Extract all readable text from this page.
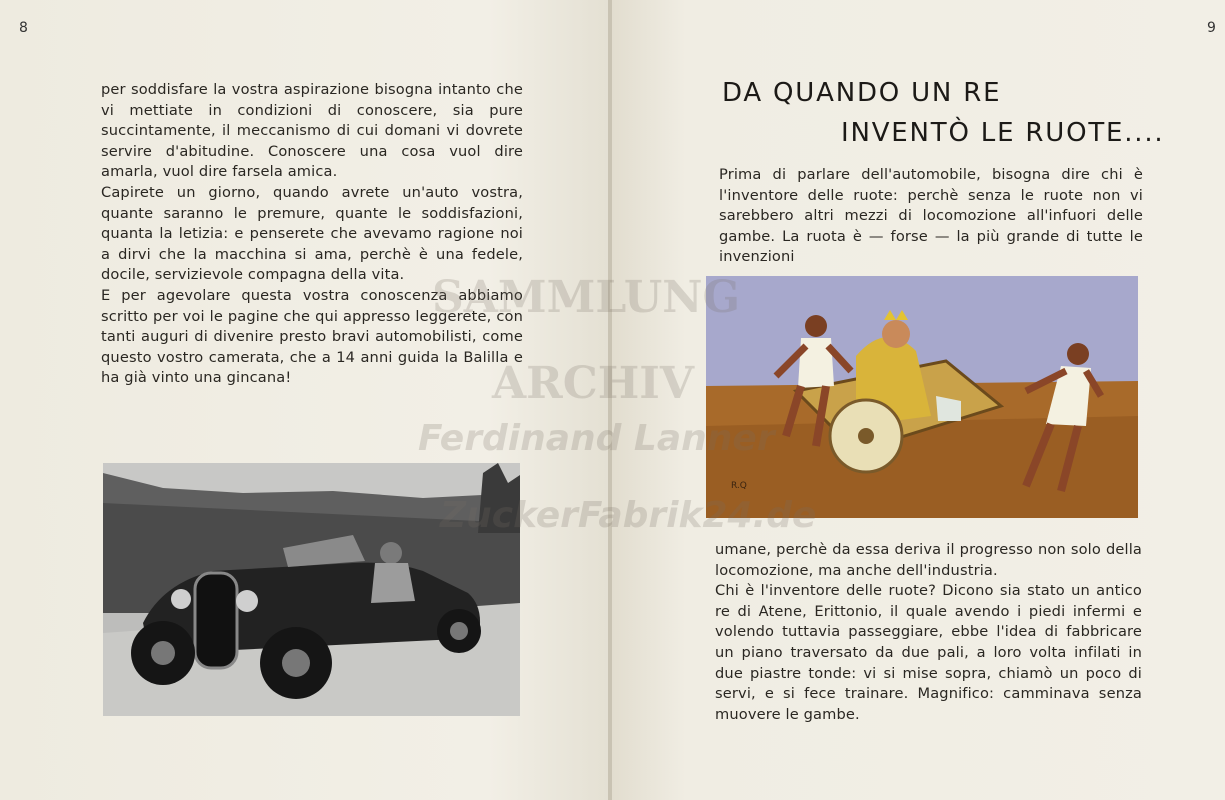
8

per soddisfare la vostra aspirazione bisogna intanto che vi mettiate in condizioni di conoscere, sia pure succintamente, il meccanismo di cui domani vi dovrete servire d'abitudine. Conoscere una cosa vuol dire amarla, vuol dire farsela amica.

Capirete un giorno, quando avrete un'auto vostra, quante saranno le premure, quante le soddisfazioni, quanta la letizia: e penserete che avevamo ragione noi a dirvi che la macchina si ama, perchè è una fedele, docile, servizievole compagna della vita.

E per agevolare questa vostra conoscenza abbiamo scritto per voi le pagine che qui appresso leggerete, con tanti auguri di divenire presto bravi automobilisti, come questo vostro camerata, che a 14 anni guida la Balilla e ha già vinto una gincana!

9
DA QUANDO UN RE
INVENTÒ LE RUOTE....

Prima di parlare dell'automobile, bisogna dire chi è l'inventore delle ruote: perchè senza le ruote non vi sarebbero altri mezzi di locomozione all'infuori delle gambe. La ruota è — forse — la più grande di tutte le invenzioni

R.Q

umane, perchè da essa deriva il progresso non solo della locomozione, ma anche dell'industria.

Chi è l'inventore delle ruote? Dicono sia stato un antico re di Atene, Erittonio, il quale avendo i piedi infermi e volendo tuttavia passeggiare, ebbe l'idea di fabbricare un piano traversato da due pali, a loro volta infilati in due piastre tonde: vi si mise sopra, chiamò un poco di servi, e si fece trainare. Magnifico: camminava senza muovere le gambe.

SAMMLUNG
ARCHIV
Ferdinand Lanner
ZuckerFabrik24.de
